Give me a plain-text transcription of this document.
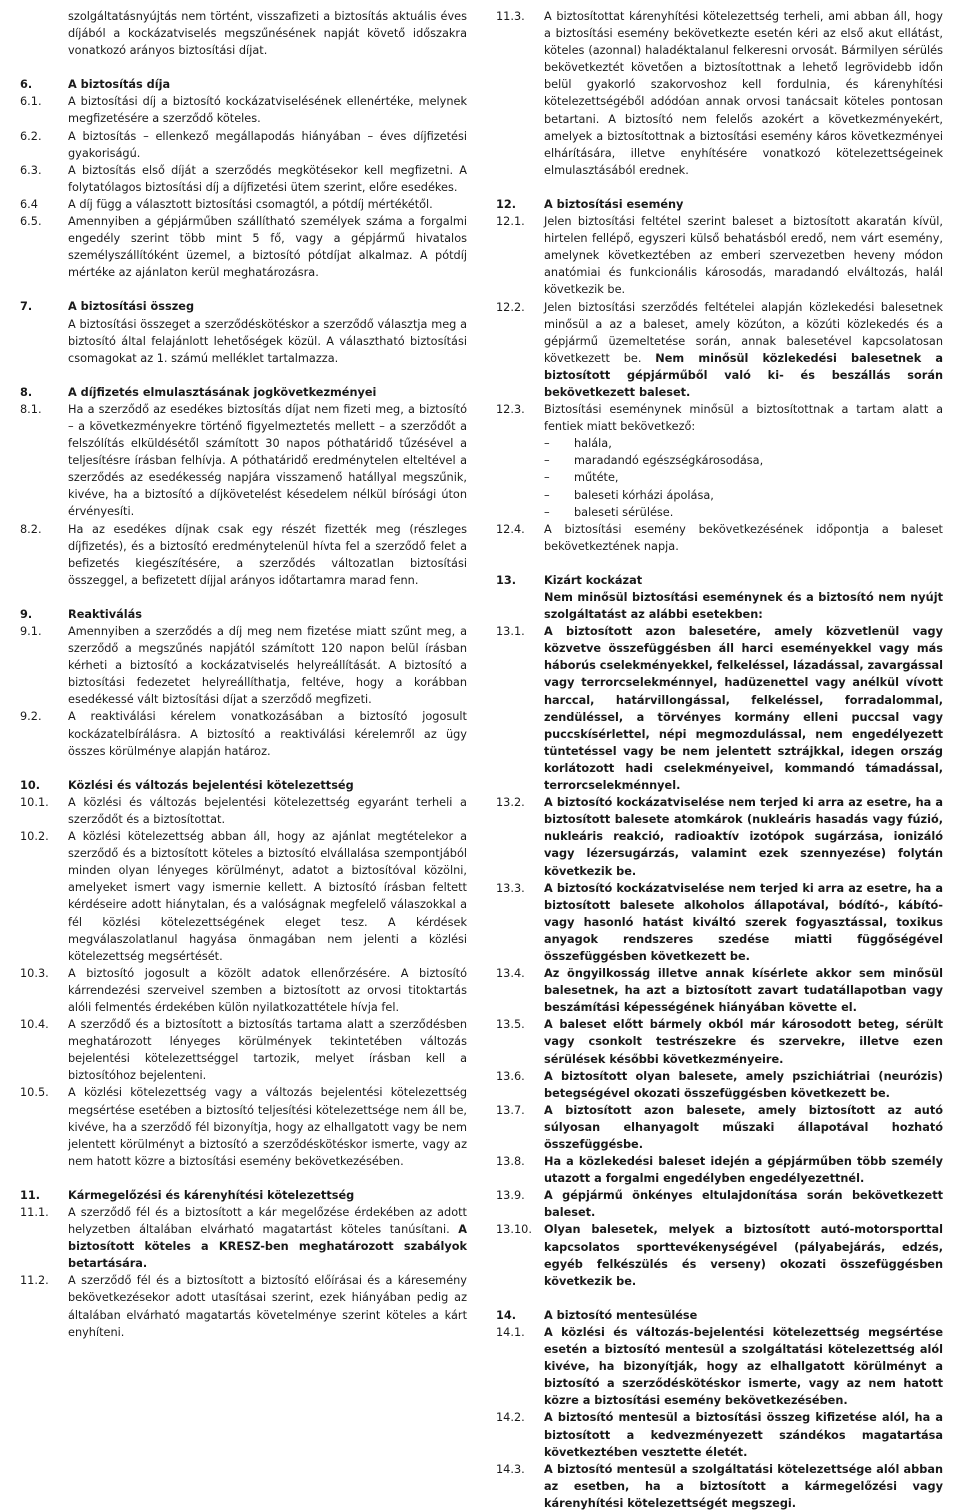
szolgáltatásnyújtás nem történt, visszafizeti a biztosítás aktuális éves díjából a kockázatviselés megszűnésének napját követő időszakra vonatkozó arányos biztosítási díjat.
6.	A biztosítás díja
6.1.	A biztosítási díj a biztosító kockázatviselésének ellenértéke, melynek megfizetésére a szerződő köteles.
6.2.	A biztosítás – ellenkező megállapodás hiányában – éves díjfizetési gyakoriságú.
6.3.	A biztosítás első díját a szerződés megkötésekor kell megfizetni. A folytatólagos biztosítási díj a díjfizetési ütem szerint, előre esedékes.
6.4	A díj függ a választott biztosítási csomagtól, a pótdíj mértékétől.
6.5.	Amennyiben a gépjárműben szállítható személyek száma a forgalmi engedély szerint több mint 5 fő, vagy a gépjármű hivatalos személyszállítóként üzemel, a biztosító pótdíjat alkalmaz. A pótdíj mértéke az ajánlaton kerül meghatározásra.
7.	A biztosítási összeg
A biztosítási összeget a szerződéskötéskor a szerződő választja meg a biztosító által felajánlott lehetőségek közül. A választható biztosítási csomagokat az 1. számú melléklet tartalmazza.
8.	A díjfizetés elmulasztásának jogkövetkezményei
8.1.	Ha a szerződő az esedékes biztosítás díjat nem fizeti meg, a biztosító – a következményekre történő figyelmeztetés mellett – a szerződőt a felszólítás elküldésétől számított 30 napos póthatáridő tűzésével a teljesítésre írásban felhívja. A póthatáridő eredménytelen elteltével a szerződés az esedékesség napjára visszamenő hatállyal megszűnik, kivéve, ha a biztosító a díjkövetelést késedelem nélkül bírósági úton érvényesíti.
8.2.	Ha az esedékes díjnak csak egy részét fizették meg (részleges díjfizetés), és a biztosító eredménytelenül hívta fel a szerződő felet a befizetés kiegészítésére, a szerződés változatlan biztosítási összeggel, a befizetett díjjal arányos időtartamra marad fenn.
9.	Reaktiválás
9.1.	Amennyiben a szerződés a díj meg nem fizetése miatt szűnt meg, a szerződő a megszűnés napjától számított 120 napon belül írásban kérheti a biztosító a kockázatviselés helyreállítását. A biztosító a biztosítási fedezetet helyreállíthatja, feltéve, hogy a korábban esedékessé vált biztosítási díjat a szerződő megfizeti.
9.2.	A reaktiválási kérelem vonatkozásában a biztosító jogosult kockázatelbírálásra. A biztosító a reaktiválási kérelemről az ügy összes körülménye alapján határoz.
10.	Közlési és változás bejelentési kötelezettség
10.1.	A közlési és változás bejelentési kötelezettség egyaránt terheli a szerződőt és a biztosítottat.
10.2.	A közlési kötelezettség abban áll, hogy az ajánlat megtételekor a szerződő és a biztosított köteles a biztosító elvállalása szempontjából minden olyan lényeges körülményt, adatot a biztosítóval közölni, amelyeket ismert vagy ismernie kellett. A biztosító írásban feltett kérdéseire adott hiánytalan, és a valóságnak megfelelő válaszokkal a fél közlési kötelezettségének eleget tesz. A kérdések megválaszolatlanul hagyása önmagában nem jelenti a közlési kötelezettség megsértését.
10.3.	A biztosító jogosult a közölt adatok ellenőrzésére. A biztosító kárrendezési szerveivel szemben a biztosított az orvosi titoktartás alóli felmentés érdekében külön nyilatkozattétele hívja fel.
10.4.	A szerződő és a biztosított a biztosítás tartama alatt a szerződésben meghatározott lényeges körülmények tekintetében változás bejelentési kötelezettséggel tartozik, melyet írásban kell a biztosítóhoz bejelenteni.
10.5.	A közlési kötelezettség vagy a változás bejelentési kötelezettség megsértése esetében a biztosító teljesítési kötelezettsége nem áll be, kivéve, ha a szerződő fél bizonyítja, hogy az elhallgatott vagy be nem jelentett körülményt a biztosító a szerződéskötéskor ismerte, vagy az nem hatott közre a biztosítási esemény bekövetkezésében.
11.	Kármegelőzési és kárenyhítési kötelezettség
11.1.	A szerződő fél és a biztosított a kár megelőzése érdekében az adott helyzetben általában elvárható magatartást köteles tanúsítani. A biztosított köteles a KRESZ-ben meghatározott szabályok betartására.
11.2.	A szerződő fél és a biztosított a biztosító előírásai és a káresemény bekövetkezésekor adott utasításai szerint, ezek hiányában pedig az általában elvárható magatartás követelménye szerint köteles a kárt enyhíteni.
11.3.	A biztosítottat kárenyhítési kötelezettség terheli, ami abban áll, hogy a biztosítási esemény bekövetkezte esetén kéri az első akut ellátást, köteles (azonnal) haladéktalanul felkeresni orvosát. Bármilyen sérülés bekövetkeztét követően a biztosítottnak a lehető legrövidebb időn belül gyakorló szakorvoshoz kell fordulnia, és kárenyhítési kötelezettségéből adódóan annak orvosi tanácsait köteles pontosan betartani. A biztosító nem felelős azokért a következményekért, amelyek a biztosítottnak a biztosítási esemény káros következményei elhárítására, illetve enyhítésére vonatkozó kötelezettségeinek elmulasztásából erednek.
12.	A biztosítási esemény
12.1.	Jelen biztosítási feltétel szerint baleset a biztosított akaratán kívül, hirtelen fellépő, egyszeri külső behatásból eredő, nem várt esemény, amelynek következtében az emberi szervezetben heveny módon anatómiai és funkcionális károsodás, maradandó elváltozás, halál következik be.
12.2.	Jelen biztosítási szerződés feltételei alapján közlekedési balesetnek minősül a az a baleset, amely közúton, a közúti közlekedés és a gépjármű üzemeltetése során, annak balesetével kapcsolatosan következett be. Nem minősül közlekedési balesetnek a biztosított gépjárműből való ki- és beszállás során bekövetkezett baleset.
12.3.	Biztosítási eseménynek minősül a biztosítottnak a tartam alatt a fentiek miatt bekövetkező:
–	halála,
–	maradandó egészségkárosodása,
–	műtéte,
–	baleseti kórházi ápolása,
–	baleseti sérülése.
12.4.	A biztosítási esemény bekövetkezésének időpontja a baleset bekövetkeztének napja.
13.	Kizárt kockázat
Nem minősül biztosítási eseménynek és a biztosító nem nyújt szolgáltatást az alábbi esetekben:
13.1.	A biztosított azon balesetére, amely közvetlenül vagy közvetve összefüggésben áll harci eseményekkel vagy más háborús cselekményekkel, felkeléssel, lázadással, zavargással vagy terrorcselekménnyel, hadüzenettel vagy anélkül vívott harccal, határvillongással, felkeléssel, forradalommal, zendüléssel, a törvényes kormány elleni puccsal vagy puccskísérlettel, népi megmozdulással, nem engedélyezett tüntetéssel vagy be nem jelentett sztrájkkal, idegen ország korlátozott hadi cselekményeivel, kommandó támadással, terrorcselekménnyel.
13.2.	A biztosító kockázatviselése nem terjed ki arra az esetre, ha a biztosított balesete atomkárok (nukleáris hasadás vagy fúzió, nukleáris reakció, radioaktív izotópok sugárzása, ionizáló vagy lézersugárzás, valamint ezek szennyezése) folytán következik be.
13.3.	A biztosító kockázatviselése nem terjed ki arra az esetre, ha a biztosított balesete alkoholos állapotával, bódító-, kábító- vagy hasonló hatást kiváltó szerek fogyasztással, toxikus anyagok rendszeres szedése miatti függőségével összefüggésben következett be.
13.4.	Az öngyilkosság illetve annak kísérlete akkor sem minősül balesetnek, ha azt a biztosított zavart tudatállapotban vagy beszámítási képességének hiányában követte el.
13.5.	A baleset előtt bármely okból már károsodott beteg, sérült vagy csonkolt testrészekre és szervekre, illetve ezen sérülések későbbi következményeire.
13.6.	A biztosított olyan balesete, amely pszichiátriai (neurózis) betegségével okozati összefüggésben következett be.
13.7.	A biztosított azon balesete, amely biztosított az autó súlyosan elhanyagolt műszaki állapotával hozható összefüggésbe.
13.8.	Ha a közlekedési baleset idején a gépjárműben több személy utazott a forgalmi engedélyben engedélyezettnél.
13.9.	A gépjármű önkényes eltulajdonítása során bekövetkezett baleset.
13.10.	Olyan balesetek, melyek a biztosított autó-motorsporttal kapcsolatos sporttevékenységével (pályabejárás, edzés, egyéb felkészülés és verseny) okozati összefüggésben következik be.
14.	A biztosító mentesülése
14.1.	A közlési és változás-bejelentési kötelezettség megsértése esetén a biztosító mentesül a szolgáltatási kötelezettség alól kivéve, ha bizonyítják, hogy az elhallgatott körülményt a biztosító a szerződéskötéskor ismerte, vagy az nem hatott közre a biztosítási esemény bekövetkezésében.
14.2.	A biztosító mentesül a biztosítási összeg kifizetése alól, ha a biztosított a kedvezményezett szándékos magatartása következtében vesztette életét.
14.3.	A biztosító mentesül a szolgáltatási kötelezettsége alól abban az esetben, ha a biztosított a kármegelőzési vagy kárenyhítési kötelezettségét megszegi.
